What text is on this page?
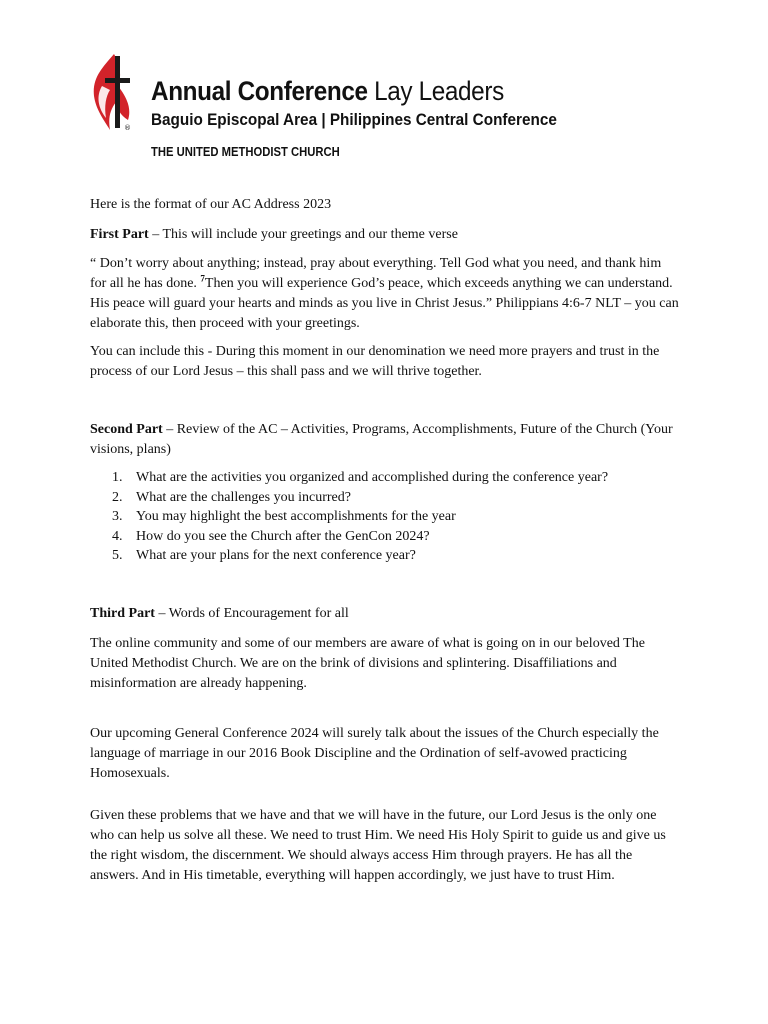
®
Annual Conference Lay Leaders
Baguio Episcopal Area | Philippines Central Conference
THE UNITED METHODIST CHURCH

Here is the format of our AC Address 2023

First Part – This will include your greetings and our theme verse

“ Don’t worry about anything; instead, pray about everything. Tell God what you need, and thank him for all he has done. $^7$Then you will experience God’s peace, which exceeds anything we can understand. His peace will guard your hearts and minds as you live in Christ Jesus.” Philippians 4:6-7 NLT – you can elaborate this, then proceed with your greetings.

You can include this - During this moment in our denomination we need more prayers and trust in the process of our Lord Jesus – this shall pass and we will thrive together.

Second Part – Review of the AC – Activities, Programs, Accomplishments, Future of the Church (Your visions, plans)

1. What are the activities you organized and accomplished during the conference year?
2. What are the challenges you incurred?
3. You may highlight the best accomplishments for the year
4. How do you see the Church after the GenCon 2024?
5. What are your plans for the next conference year?

Third Part – Words of Encouragement for all

The online community and some of our members are aware of what is going on in our beloved The United Methodist Church. We are on the brink of divisions and splintering. Disaffiliations and misinformation are already happening.

Our upcoming General Conference 2024 will surely talk about the issues of the Church especially the language of marriage in our 2016 Book Discipline and the Ordination of self-avowed practicing Homosexuals.

Given these problems that we have and that we will have in the future, our Lord Jesus is the only one who can help us solve all these. We need to trust Him. We need His Holy Spirit to guide us and give us the right wisdom, the discernment. We should always access Him through prayers. He has all the answers. And in His timetable, everything will happen accordingly, we just have to trust Him.
